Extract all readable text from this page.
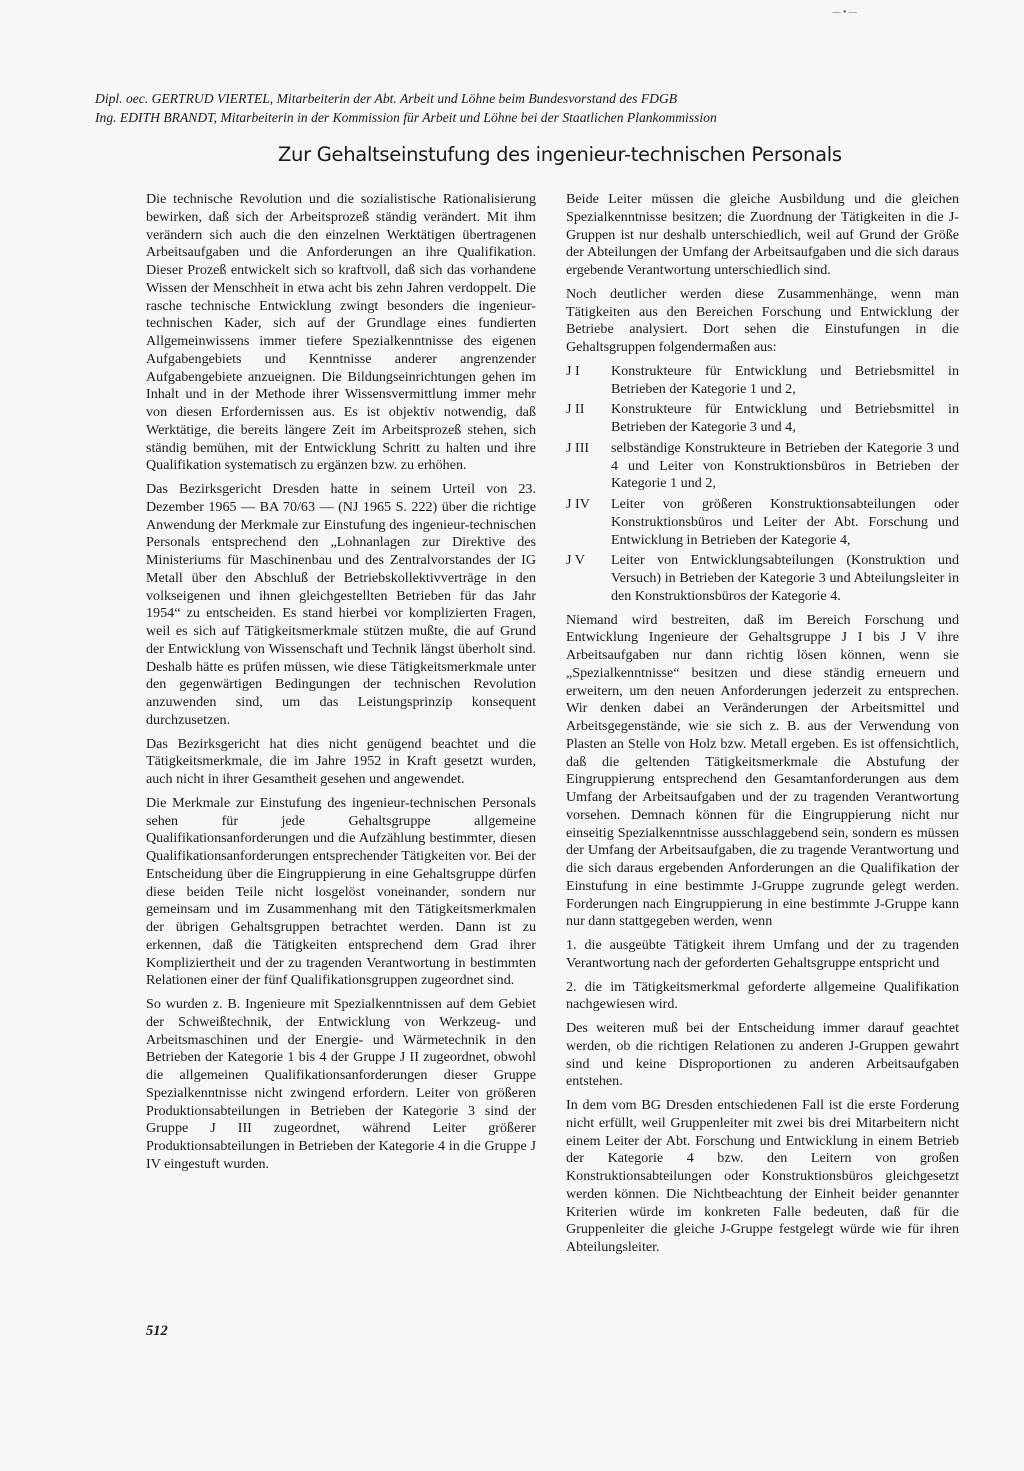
—•—
Dipl. oec. GERTRUD VIERTEL, Mitarbeiterin der Abt. Arbeit und Löhne beim Bundesvorstand des FDGB
Ing. EDITH BRANDT, Mitarbeiterin in der Kommission für Arbeit und Löhne bei der Staatlichen Plankommission
Zur Gehaltseinstufung des ingenieur-technischen Personals

Die technische Revolution und die sozialistische Rationalisierung bewirken, daß sich der Arbeitsprozeß ständig verändert. Mit ihm verändern sich auch die den einzelnen Werktätigen übertragenen Arbeitsaufgaben und die Anforderungen an ihre Qualifikation. Dieser Prozeß entwickelt sich so kraftvoll, daß sich das vorhandene Wissen der Menschheit in etwa acht bis zehn Jahren verdoppelt. Die rasche technische Entwicklung zwingt besonders die ingenieur-technischen Kader, sich auf der Grundlage eines fundierten Allgemeinwissens immer tiefere Spezialkenntnisse des eigenen Aufgabengebiets und Kenntnisse anderer angrenzender Aufgabengebiete anzueignen. Die Bildungseinrichtungen gehen im Inhalt und in der Methode ihrer Wissensvermittlung immer mehr von diesen Erfordernissen aus. Es ist objektiv notwendig, daß Werktätige, die bereits längere Zeit im Arbeitsprozeß stehen, sich ständig bemühen, mit der Entwicklung Schritt zu halten und ihre Qualifikation systematisch zu ergänzen bzw. zu erhöhen.

Das Bezirksgericht Dresden hatte in seinem Urteil von 23. Dezember 1965 — BA 70/63 — (NJ 1965 S. 222) über die richtige Anwendung der Merkmale zur Einstufung des ingenieur-technischen Personals entsprechend den „Lohnanlagen zur Direktive des Ministeriums für Maschinenbau und des Zentralvorstandes der IG Metall über den Abschluß der Betriebskollektivverträge in den volkseigenen und ihnen gleichgestellten Betrieben für das Jahr 1954“ zu entscheiden. Es stand hierbei vor komplizierten Fragen, weil es sich auf Tätigkeitsmerkmale stützen mußte, die auf Grund der Entwicklung von Wissenschaft und Technik längst überholt sind. Deshalb hätte es prüfen müssen, wie diese Tätigkeitsmerkmale unter den gegenwärtigen Bedingungen der technischen Revolution anzuwenden sind, um das Leistungsprinzip konsequent durchzusetzen.

Das Bezirksgericht hat dies nicht genügend beachtet und die Tätigkeitsmerkmale, die im Jahre 1952 in Kraft gesetzt wurden, auch nicht in ihrer Gesamtheit gesehen und angewendet.

Die Merkmale zur Einstufung des ingenieur-technischen Personals sehen für jede Gehaltsgruppe allgemeine Qualifikationsanforderungen und die Aufzählung bestimmter, diesen Qualifikationsanforderungen entsprechender Tätigkeiten vor. Bei der Entscheidung über die Eingruppierung in eine Gehaltsgruppe dürfen diese beiden Teile nicht losgelöst voneinander, sondern nur gemeinsam und im Zusammenhang mit den Tätigkeitsmerkmalen der übrigen Gehaltsgruppen betrachtet werden. Dann ist zu erkennen, daß die Tätigkeiten entsprechend dem Grad ihrer Kompliziertheit und der zu tragenden Verantwortung in bestimmten Relationen einer der fünf Qualifikationsgruppen zugeordnet sind.

So wurden z. B. Ingenieure mit Spezialkenntnissen auf dem Gebiet der Schweißtechnik, der Entwicklung von Werkzeug- und Arbeitsmaschinen und der Energie- und Wärmetechnik in den Betrieben der Kategorie 1 bis 4 der Gruppe J II zugeordnet, obwohl die allgemeinen Qualifikationsanforderungen dieser Gruppe Spezialkenntnisse nicht zwingend erfordern. Leiter von größeren Produktionsabteilungen in Betrieben der Kategorie 3 sind der Gruppe J III zugeordnet, während Leiter größerer Produktionsabteilungen in Betrieben der Kategorie 4 in die Gruppe J IV eingestuft wurden.

Beide Leiter müssen die gleiche Ausbildung und die gleichen Spezialkenntnisse besitzen; die Zuordnung der Tätigkeiten in die J-Gruppen ist nur deshalb unterschiedlich, weil auf Grund der Größe der Abteilungen der Umfang der Arbeitsaufgaben und die sich daraus ergebende Verantwortung unterschiedlich sind.

Noch deutlicher werden diese Zusammenhänge, wenn man Tätigkeiten aus den Bereichen Forschung und Entwicklung der Betriebe analysiert. Dort sehen die Einstufungen in die Gehaltsgruppen folgendermaßen aus:

J I	Konstrukteure für Entwicklung und Betriebsmittel in Betrieben der Kategorie 1 und 2,
J II	Konstrukteure für Entwicklung und Betriebsmittel in Betrieben der Kategorie 3 und 4,
J III	selbständige Konstrukteure in Betrieben der Kategorie 3 und 4 und Leiter von Konstruktionsbüros in Betrieben der Kategorie 1 und 2,
J IV	Leiter von größeren Konstruktionsabteilungen oder Konstruktionsbüros und Leiter der Abt. Forschung und Entwicklung in Betrieben der Kategorie 4,
J V	Leiter von Entwicklungsabteilungen (Konstruktion und Versuch) in Betrieben der Kategorie 3 und Abteilungsleiter in den Konstruktionsbüros der Kategorie 4.

Niemand wird bestreiten, daß im Bereich Forschung und Entwicklung Ingenieure der Gehaltsgruppe J I bis J V ihre Arbeitsaufgaben nur dann richtig lösen können, wenn sie „Spezialkenntnisse“ besitzen und diese ständig erneuern und erweitern, um den neuen Anforderungen jederzeit zu entsprechen. Wir denken dabei an Veränderungen der Arbeitsmittel und Arbeitsgegenstände, wie sie sich z. B. aus der Verwendung von Plasten an Stelle von Holz bzw. Metall ergeben. Es ist offensichtlich, daß die geltenden Tätigkeitsmerkmale die Abstufung der Eingruppierung entsprechend den Gesamtanforderungen aus dem Umfang der Arbeitsaufgaben und der zu tragenden Verantwortung vorsehen. Demnach können für die Eingruppierung nicht nur einseitig Spezialkenntnisse ausschlaggebend sein, sondern es müssen der Umfang der Arbeitsaufgaben, die zu tragende Verantwortung und die sich daraus ergebenden Anforderungen an die Qualifikation der Einstufung in eine bestimmte J-Gruppe zugrunde gelegt werden. Forderungen nach Eingruppierung in eine bestimmte J-Gruppe kann nur dann stattgegeben werden, wenn

1. die ausgeübte Tätigkeit ihrem Umfang und der zu tragenden Verantwortung nach der geforderten Gehaltsgruppe entspricht und
2. die im Tätigkeitsmerkmal geforderte allgemeine Qualifikation nachgewiesen wird.

Des weiteren muß bei der Entscheidung immer darauf geachtet werden, ob die richtigen Relationen zu anderen J-Gruppen gewahrt sind und keine Disproportionen zu anderen Arbeitsaufgaben entstehen.

In dem vom BG Dresden entschiedenen Fall ist die erste Forderung nicht erfüllt, weil Gruppenleiter mit zwei bis drei Mitarbeitern nicht einem Leiter der Abt. Forschung und Entwicklung in einem Betrieb der Kategorie 4 bzw. den Leitern von großen Konstruktionsabteilungen oder Konstruktionsbüros gleichgesetzt werden können. Die Nichtbeachtung der Einheit beider genannter Kriterien würde im konkreten Falle bedeuten, daß für die Gruppenleiter die gleiche J-Gruppe festgelegt würde wie für ihren Abteilungsleiter.

512
